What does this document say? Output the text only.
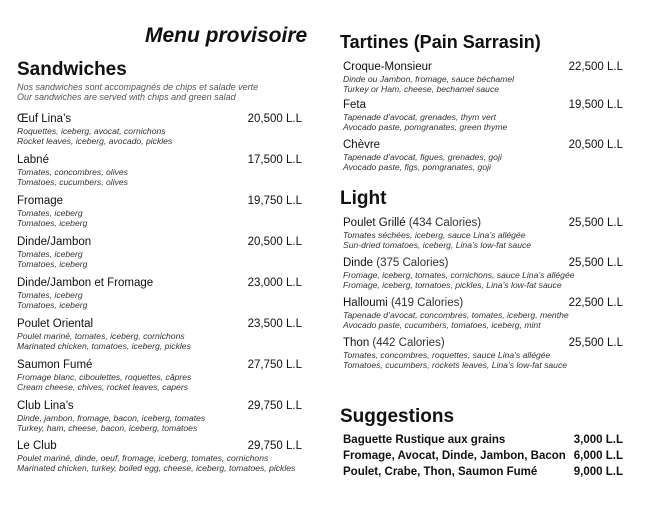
Menu provisoire
Sandwiches
Nos sandwiches sont accompagnés de chips et salade verte
Our sandwiches are served with chips and green salad
Œuf Lina’s	20,500 L.L
Roquettes, iceberg, avocat, cornichons
Rocket leaves, iceberg, avocado, pickles
Labné	17,500 L.L
Tomates, concombres, olives
Tomatoes, cucumbers, olives
Fromage	19,750 L.L
Tomates, iceberg
Tomatoes, iceberg
Dinde/Jambon	20,500 L.L
Tomates, iceberg
Tomatoes, iceberg
Dinde/Jambon et Fromage	23,000 L.L
Tomates, iceberg
Tomatoes, iceberg
Poulet Oriental	23,500 L.L
Poulet mariné, tomates, iceberg, cornichons
Marinated chicken, tomatoes, iceberg, pickles
Saumon Fumé	27,750 L.L
Fromage blanc, ciboulettes, roquettes, câpres
Cream cheese, chives, rocket leaves, capers
Club Lina’s	29,750 L.L
Dinde, jambon, fromage, bacon, iceberg, tomates
Turkey, ham, cheese, bacon, iceberg, tomatoes
Le Club	29,750 L.L
Poulet mariné, dinde, oeuf, fromage, iceberg, tomates, cornichons
Marinated chicken, turkey, boiled egg, cheese, iceberg, tomatoes, pickles
Tartines (Pain Sarrasin)
Croque-Monsieur	22,500 L.L
Dinde ou Jambon, fromage, sauce béchamel
Turkey or Ham, cheese, bechamel sauce
Feta	19,500 L.L
Tapenade d’avocat, grenades, thym vert
Avocado paste, pomgranates, green thyme
Chèvre	20,500 L.L
Tapenade d’avocat, figues, grenades, goji
Avocado paste, figs, pomgranates, goji
Light
Poulet Grillé (434 Calories)	25,500 L.L
Tomates séchées, iceberg, sauce Lina’s allégée
Sun-dried tomatoes, iceberg, Lina’s low-fat sauce
Dinde (375 Calories)	25,500 L.L
Fromage, iceberg, tomates, cornichons, sauce Lina’s allégée
Fromage, iceberg, tomatoes, pickles, Lina’s low-fat sauce
Halloumi (419 Calories)	22,500 L.L
Tapenade d’avocat, concombres, tomates, iceberg, menthe
Avocado paste, cucumbers, tomatoes, iceberg, mint
Thon (442 Calories)	25,500 L.L
Tomates, concombres, roquettes, sauce Lina’s allégée
Tomatoes, cucumbers, rockets leaves, Lina’s low-fat sauce
Suggestions
Baguette Rustique aux grains	3,000 L.L
Fromage, Avocat, Dinde, Jambon, Bacon 6,000 L.L
Poulet, Crabe, Thon, Saumon Fumé	9,000 L.L
